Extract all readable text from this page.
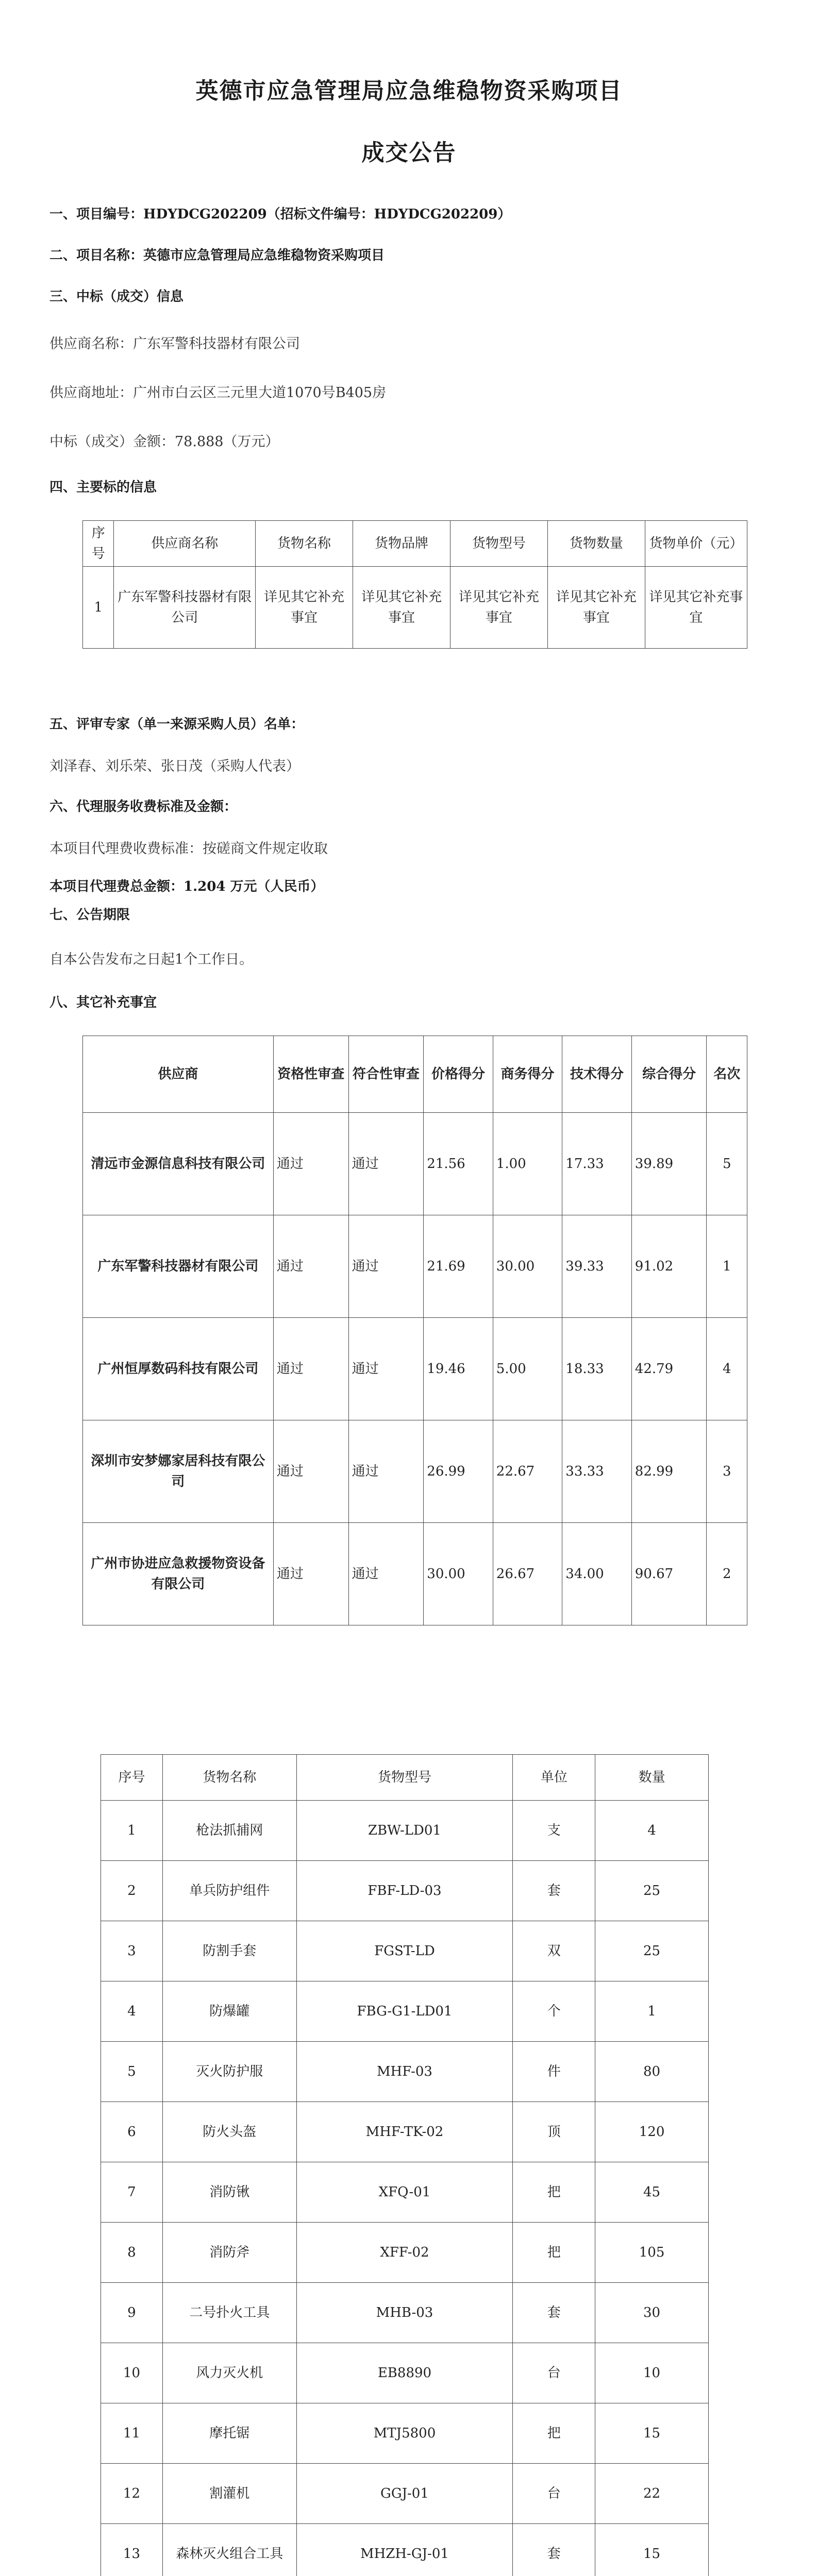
英德市应急管理局应急维稳物资采购项目
成交公告
一、项目编号：HDYDCG202209（招标文件编号：HDYDCG202209）
二、项目名称：英德市应急管理局应急维稳物资采购项目
三、中标（成交）信息
供应商名称：广东军警科技器材有限公司
供应商地址：广州市白云区三元里大道1070号B405房
中标（成交）金额：78.888（万元）
四、主要标的信息
序号	供应商名称	货物名称	货物品牌	货物型号	货物数量	货物单价（元）
1	广东军警科技器材有限公司	详见其它补充事宜	详见其它补充事宜	详见其它补充事宜	详见其它补充事宜	详见其它补充事宜
五、评审专家（单一来源采购人员）名单：
刘泽春、刘乐荣、张日茂（采购人代表）
六、代理服务收费标准及金额：
本项目代理费收费标准：按磋商文件规定收取
本项目代理费总金额：1.204 万元（人民币）
七、公告期限
自本公告发布之日起1个工作日。
八、其它补充事宜
供应商	资格性审查	符合性审查	价格得分	商务得分	技术得分	综合得分	名次
清远市金源信息科技有限公司	通过	通过	21.56	1.00	17.33	39.89	5
广东军警科技器材有限公司	通过	通过	21.69	30.00	39.33	91.02	1
广州恒厚数码科技有限公司	通过	通过	19.46	5.00	18.33	42.79	4
深圳市安梦娜家居科技有限公司	通过	通过	26.99	22.67	33.33	82.99	3
广州市协进应急救援物资设备有限公司	通过	通过	30.00	26.67	34.00	90.67	2
序号	货物名称	货物型号	单位	数量
1	枪法抓捕网	ZBW-LD01	支	4
2	单兵防护组件	FBF-LD-03	套	25
3	防割手套	FGST-LD	双	25
4	防爆罐	FBG-G1-LD01	个	1
5	灭火防护服	MHF-03	件	80
6	防火头盔	MHF-TK-02	顶	120
7	消防锹	XFQ-01	把	45
8	消防斧	XFF-02	把	105
9	二号扑火工具	MHB-03	套	30
10	风力灭火机	EB8890	台	10
11	摩托锯	MTJ5800	把	15
12	割灌机	GGJ-01	台	22
13	森林灭火组合工具	MHZH-GJ-01	套	15
